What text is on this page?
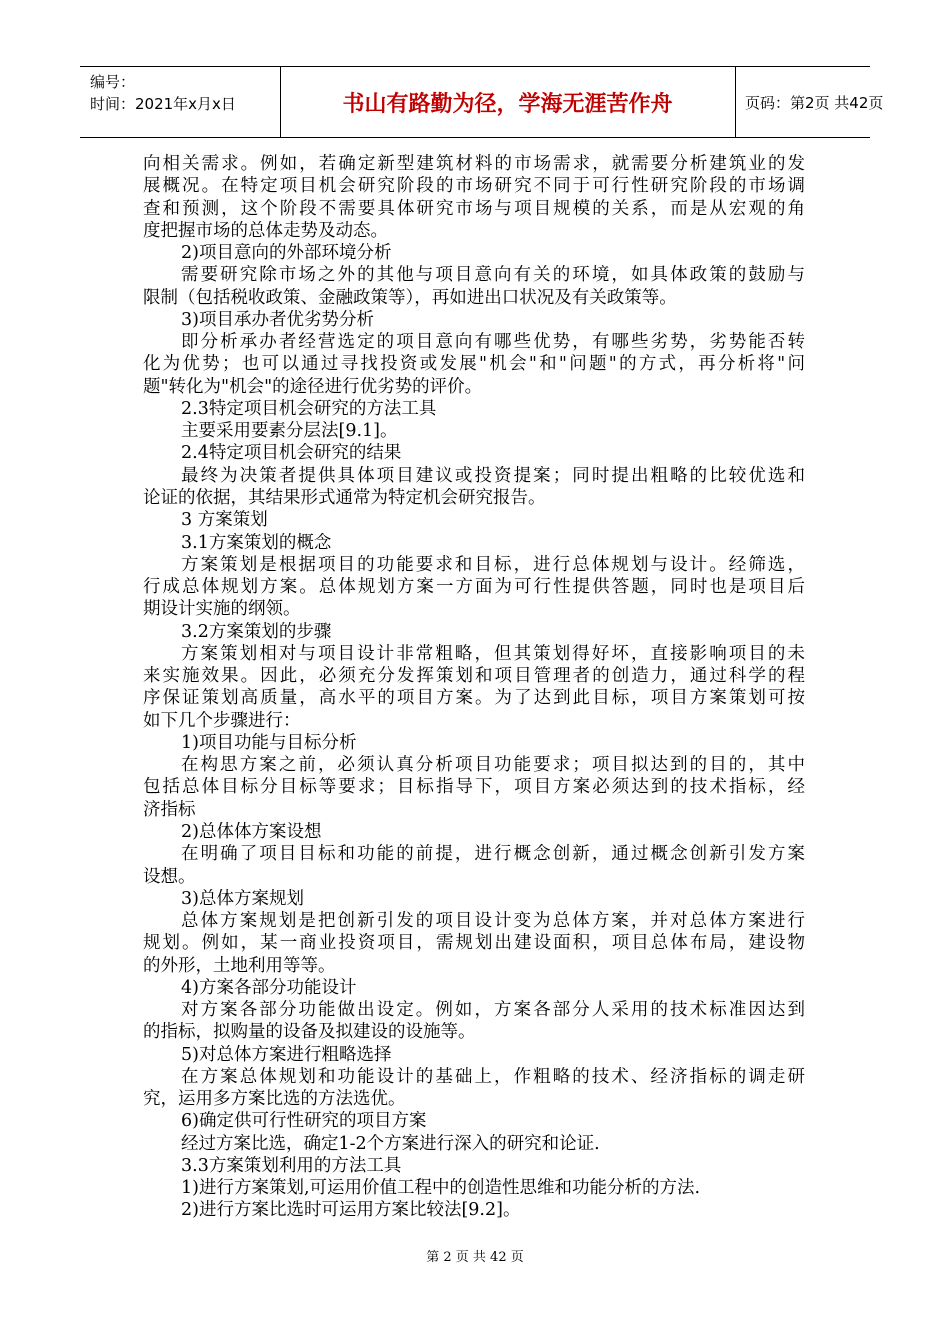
编号：
时间：2021年x月x日	书山有路勤为径，学海无涯苦作舟	页码：第2页 共42页
向相关需求。例如，若确定新型建筑材料的市场需求，就需要分析建筑业的发
展概况。在特定项目机会研究阶段的市场研究不同于可行性研究阶段的市场调
查和预测，这个阶段不需要具体研究市场与项目规模的关系，而是从宏观的角
度把握市场的总体走势及动态。
2)项目意向的外部环境分析
需要研究除市场之外的其他与项目意向有关的环境，如具体政策的鼓励与
限制（包括税收政策、金融政策等），再如进出口状况及有关政策等。
3)项目承办者优劣势分析
即分析承办者经营选定的项目意向有哪些优势，有哪些劣势，劣势能否转
化为优势；也可以通过寻找投资或发展"机会"和"问题"的方式，再分析将"问
题"转化为"机会"的途径进行优劣势的评价。
2.3特定项目机会研究的方法工具
主要采用要素分层法[9.1]。
2.4特定项目机会研究的结果
最终为决策者提供具体项目建议或投资提案；同时提出粗略的比较优选和
论证的依据，其结果形式通常为特定机会研究报告。
3 方案策划
3.1方案策划的概念
方案策划是根据项目的功能要求和目标，进行总体规划与设计。经筛选，
行成总体规划方案。总体规划方案一方面为可行性提供答题，同时也是项目后
期设计实施的纲领。
3.2方案策划的步骤
方案策划相对与项目设计非常粗略，但其策划得好坏，直接影响项目的未
来实施效果。因此，必须充分发挥策划和项目管理者的创造力，通过科学的程
序保证策划高质量，高水平的项目方案。为了达到此目标，项目方案策划可按
如下几个步骤进行：
1)项目功能与目标分析
在构思方案之前，必须认真分析项目功能要求；项目拟达到的目的，其中
包括总体目标分目标等要求；目标指导下，项目方案必须达到的技术指标，经
济指标
2)总体体方案设想
在明确了项目目标和功能的前提，进行概念创新，通过概念创新引发方案
设想。
3)总体方案规划
总体方案规划是把创新引发的项目设计变为总体方案，并对总体方案进行
规划。例如，某一商业投资项目，需规划出建设面积，项目总体布局，建设物
的外形，土地利用等等。
4)方案各部分功能设计
对方案各部分功能做出设定。例如，方案各部分人采用的技术标准因达到
的指标，拟购量的设备及拟建设的设施等。
5)对总体方案进行粗略选择
在方案总体规划和功能设计的基础上，作粗略的技术、经济指标的调走研
究，运用多方案比选的方法选优。
6)确定供可行性研究的项目方案
经过方案比选，确定1-2个方案进行深入的研究和论证.
3.3方案策划利用的方法工具
1)进行方案策划,可运用价值工程中的创造性思维和功能分析的方法.
2)进行方案比选时可运用方案比较法[9.2]。
第 2 页 共 42 页
